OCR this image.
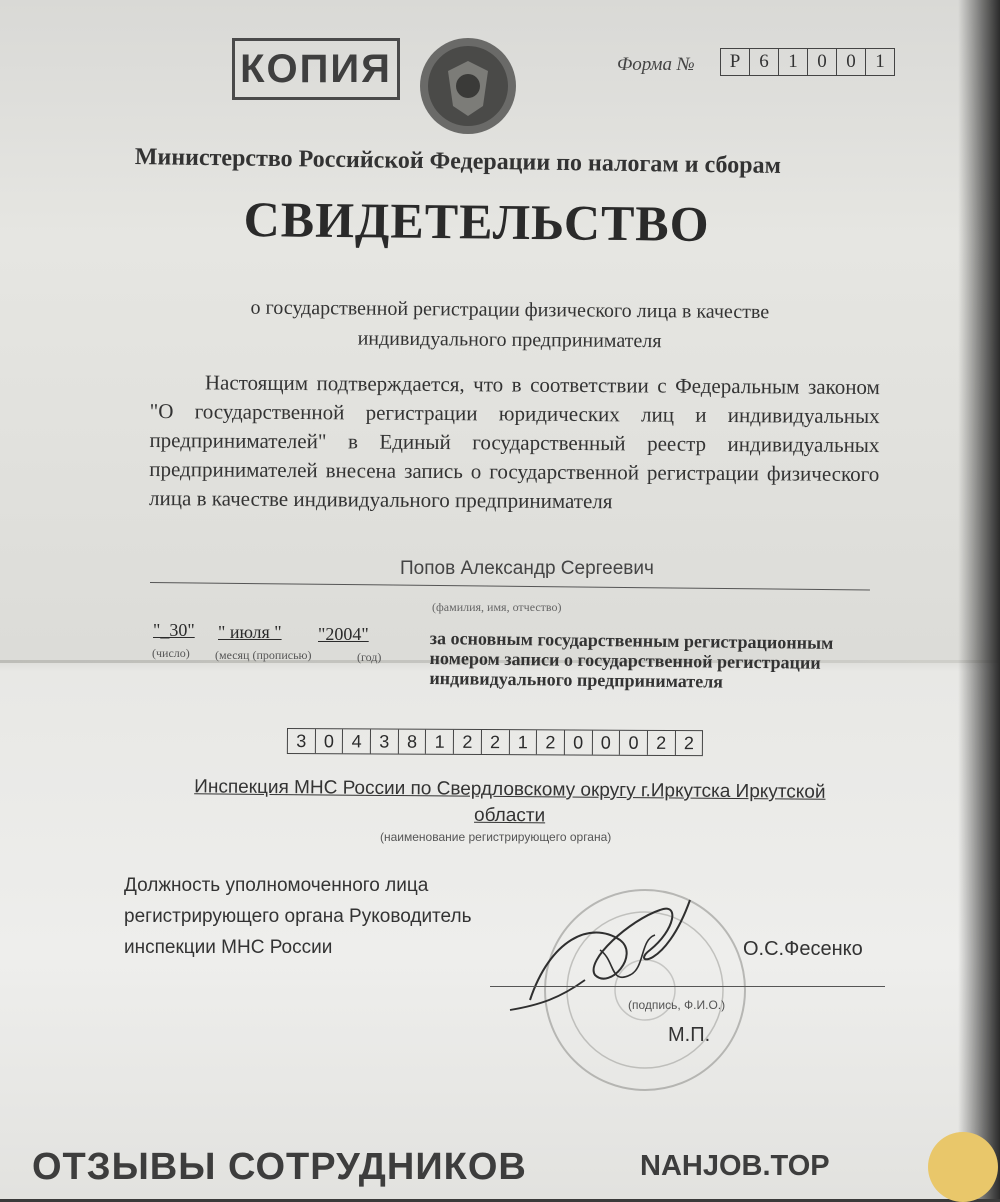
КОПИЯ	Форма №	Р 6	1	0	0	1
Министерство Российской Федерации по налогам и сборам
СВИДЕТЕЛЬСТВО
о государственной регистрации физического лица в качестве индивидуального предпринимателя
Настоящим подтверждается, что в соответствии с Федеральным законом "О государственной регистрации юридических лиц и индивидуальных предпринимателей" в Единый государственный реестр индивидуальных предпринимателей внесена запись о государственной регистрации физического лица в качестве индивидуального предпринимателя
Попов Александр Сергеевич
(фамилия, имя, отчество)
"_30" " июля " "2004"
(число) (месяц (прописью)	(год)
за основным государственным регистрационным номером записи о государственной регистрации индивидуального предпринимателя
3 0 4 3 8 1 2 2 1 2 0 0 0 2 2
Инспекция МНС России по Свердловскому округу г.Иркутска Иркутской области
(наименование регистрирующего органа)
Должность уполномоченного лица регистрирующего органа Руководитель инспекции МНС России	О.С.Фесенко
(подпись, Ф.И.О.)
М.П.
ОТЗЫВЫ СОТРУДНИКОВ	NAHJOB.TOP
